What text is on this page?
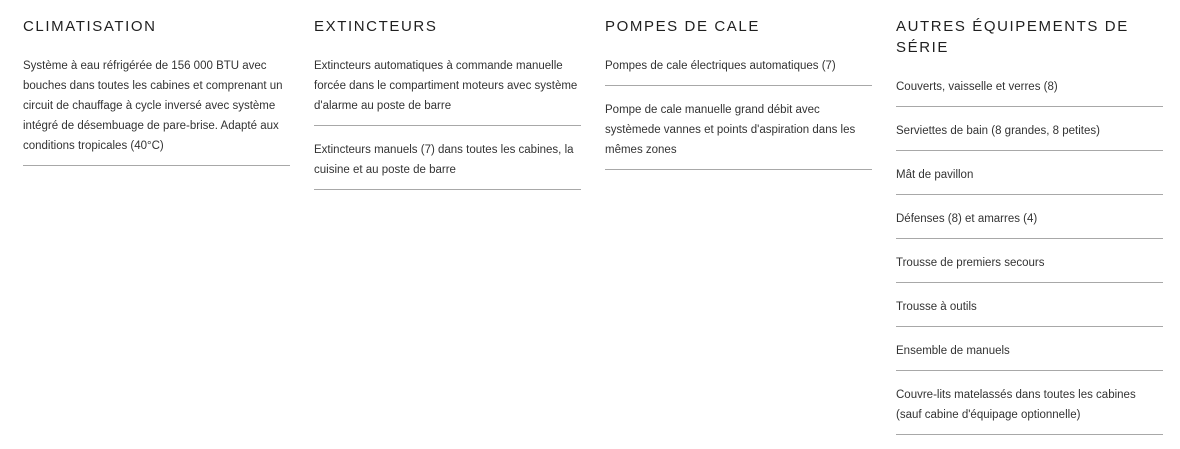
CLIMATISATION
Système à eau réfrigérée de 156 000 BTU avec bouches dans toutes les cabines et comprenant un circuit de chauffage à cycle inversé avec système intégré de désembuage de pare-brise. Adapté aux conditions tropicales (40°C)
EXTINCTEURS
Extincteurs automatiques à commande manuelle forcée dans le compartiment moteurs avec système d'alarme au poste de barre
Extincteurs manuels (7) dans toutes les cabines, la cuisine et au poste de barre
POMPES DE CALE
Pompes de cale électriques automatiques (7)
Pompe de cale manuelle grand débit avec systèmede vannes et points d'aspiration dans les mêmes zones
AUTRES ÉQUIPEMENTS DE SÉRIE
Couverts, vaisselle et verres (8)
Serviettes de bain (8 grandes, 8 petites)
Mât de pavillon
Défenses (8) et amarres (4)
Trousse de premiers secours
Trousse à outils
Ensemble de manuels
Couvre-lits matelassés dans toutes les cabines (sauf cabine d'équipage optionnelle)
